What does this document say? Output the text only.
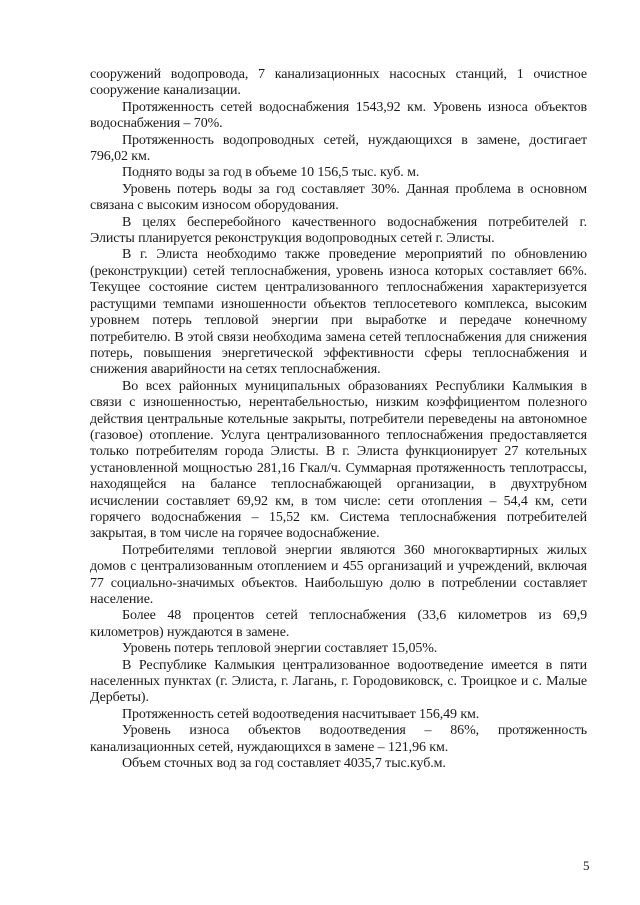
сооружений водопровода, 7 канализационных насосных станций, 1 очистное сооружение канализации.

Протяженность сетей водоснабжения 1543,92 км. Уровень износа объектов водоснабжения – 70%.

Протяженность водопроводных сетей, нуждающихся в замене, достигает 796,02 км.

Поднято воды за год в объеме 10 156,5 тыс. куб. м.

Уровень потерь воды за год составляет 30%. Данная проблема в основном связана с высоким износом оборудования.

В целях бесперебойного качественного водоснабжения потребителей г. Элисты планируется реконструкция водопроводных сетей г. Элисты.

В г. Элиста необходимо также проведение мероприятий по обновлению (реконструкции) сетей теплоснабжения, уровень износа которых составляет 66%. Текущее состояние систем централизованного теплоснабжения характеризуется растущими темпами изношенности объектов теплосетевого комплекса, высоким уровнем потерь тепловой энергии при выработке и передаче конечному потребителю. В этой связи необходима замена сетей теплоснабжения для снижения потерь, повышения энергетической эффективности сферы теплоснабжения и снижения аварийности на сетях теплоснабжения.

Во всех районных муниципальных образованиях Республики Калмыкия в связи с изношенностью, нерентабельностью, низким коэффициентом полезного действия центральные котельные закрыты, потребители переведены на автономное (газовое) отопление. Услуга централизованного теплоснабжения предоставляется только потребителям города Элисты. В г. Элиста функционирует 27 котельных установленной мощностью 281,16 Гкал/ч. Суммарная протяженность теплотрассы, находящейся на балансе теплоснабжающей организации, в двухтрубном исчислении составляет 69,92 км, в том числе: сети отопления – 54,4 км, сети горячего водоснабжения – 15,52 км. Система теплоснабжения потребителей закрытая, в том числе на горячее водоснабжение.

Потребителями тепловой энергии являются 360 многоквартирных жилых домов с централизованным отоплением и 455 организаций и учреждений, включая 77 социально-значимых объектов. Наибольшую долю в потреблении составляет население.

Более 48 процентов сетей теплоснабжения (33,6 километров из 69,9 километров) нуждаются в замене.

Уровень потерь тепловой энергии составляет 15,05%.

В Республике Калмыкия централизованное водоотведение имеется в пяти населенных пунктах (г. Элиста, г. Лагань, г. Городовиковск, с. Троицкое и с. Малые Дербеты).

Протяженность сетей водоотведения насчитывает 156,49 км.

Уровень износа объектов водоотведения – 86%, протяженность канализационных сетей, нуждающихся в замене – 121,96 км.

Объем сточных вод за год составляет 4035,7 тыс.куб.м.

5
